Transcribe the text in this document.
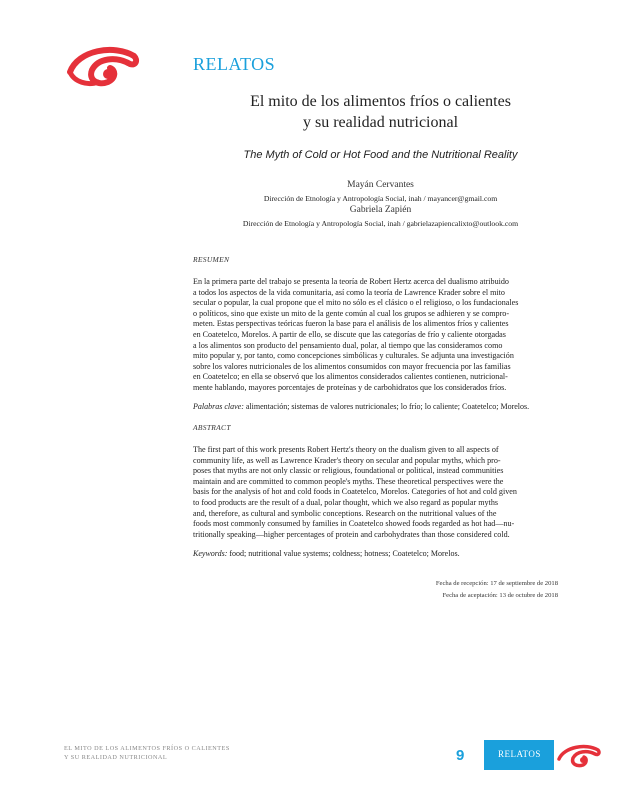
RELATOS
El mito de los alimentos fríos o calientes
y su realidad nutricional
The Myth of Cold or Hot Food and the Nutritional Reality
Mayán Cervantes
Dirección de Etnología y Antropología Social, inah / mayancer@gmail.com
Gabriela Zapién
Dirección de Etnología y Antropología Social, inah / gabrielazapiencalixto@outlook.com
RESUMEN
En la primera parte del trabajo se presenta la teoría de Robert Hertz acerca del dualismo atribuido
a todos los aspectos de la vida comunitaria, así como la teoría de Lawrence Krader sobre el mito
secular o popular, la cual propone que el mito no sólo es el clásico o el religioso, o los fundacionales
o políticos, sino que existe un mito de la gente común al cual los grupos se adhieren y se compro-
meten. Estas perspectivas teóricas fueron la base para el análisis de los alimentos fríos y calientes
en Coatetelco, Morelos. A partir de ello, se discute que las categorías de frío y caliente otorgadas
a los alimentos son producto del pensamiento dual, polar, al tiempo que las consideramos como
mito popular y, por tanto, como concepciones simbólicas y culturales. Se adjunta una investigación
sobre los valores nutricionales de los alimentos consumidos con mayor frecuencia por las familias
en Coatetelco; en ella se observó que los alimentos considerados calientes contienen, nutricional-
mente hablando, mayores porcentajes de proteínas y de carbohidratos que los considerados fríos.
Palabras clave: alimentación; sistemas de valores nutricionales; lo frío; lo caliente; Coatetelco; Morelos.
ABSTRACT
The first part of this work presents Robert Hertz's theory on the dualism given to all aspects of
community life, as well as Lawrence Krader's theory on secular and popular myths, which pro-
poses that myths are not only classic or religious, foundational or political, instead communities
maintain and are committed to common people's myths. These theoretical perspectives were the
basis for the analysis of hot and cold foods in Coatetelco, Morelos. Categories of hot and cold given
to food products are the result of a dual, polar thought, which we also regard as popular myths
and, therefore, as cultural and symbolic conceptions. Research on the nutritional values of the
foods most commonly consumed by families in Coatetelco showed foods regarded as hot had—nu-
tritionally speaking—higher percentages of protein and carbohydrates than those considered cold.
Keywords: food; nutritional value systems; coldness; hotness; Coatetelco; Morelos.
Fecha de recepción: 17 de septiembre de 2018
Fecha de aceptación: 13 de octubre de 2018
EL MITO DE LOS ALIMENTOS FRÍOS O CALIENTES
Y SU REALIDAD NUTRICIONAL	9	RELATOS
